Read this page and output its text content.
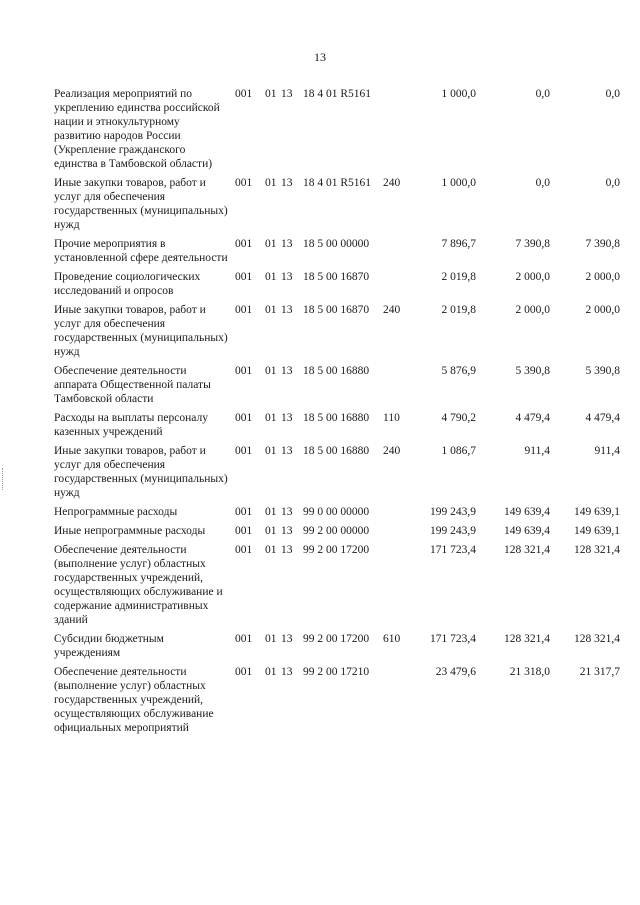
13
Реализация мероприятий по укреплению единства российской нации и этнокультурному развитию народов России (Укрепление гражданского единства в Тамбовской области)	001	01	13	18 4 01 R5161		1 000,0	0,0	0,0
Иные закупки товаров, работ и услуг для обеспечения государственных (муниципальных) нужд	001	01	13	18 4 01 R5161	240	1 000,0	0,0	0,0
Прочие мероприятия в установленной сфере деятельности	001	01	13	18 5 00 00000		7 896,7	7 390,8	7 390,8
Проведение социологических исследований и опросов	001	01	13	18 5 00 16870		2 019,8	2 000,0	2 000,0
Иные закупки товаров, работ и услуг для обеспечения государственных (муниципальных) нужд	001	01	13	18 5 00 16870	240	2 019,8	2 000,0	2 000,0
Обеспечение деятельности аппарата Общественной палаты Тамбовской области	001	01	13	18 5 00 16880		5 876,9	5 390,8	5 390,8
Расходы на выплаты персоналу казенных учреждений	001	01	13	18 5 00 16880	110	4 790,2	4 479,4	4 479,4
Иные закупки товаров, работ и услуг для обеспечения государственных (муниципальных) нужд	001	01	13	18 5 00 16880	240	1 086,7	911,4	911,4
Непрограммные расходы	001	01	13	99 0 00 00000		199 243,9	149 639,4	149 639,1
Иные непрограммные расходы	001	01	13	99 2 00 00000		199 243,9	149 639,4	149 639,1
Обеспечение деятельности (выполнение услуг) областных государственных учреждений, осуществляющих обслуживание и содержание административных зданий	001	01	13	99 2 00 17200		171 723,4	128 321,4	128 321,4
Субсидии бюджетным учреждениям	001	01	13	99 2 00 17200	610	171 723,4	128 321,4	128 321,4
Обеспечение деятельности (выполнение услуг) областных государственных учреждений, осуществляющих обслуживание официальных мероприятий	001	01	13	99 2 00 17210		23 479,6	21 318,0	21 317,7
